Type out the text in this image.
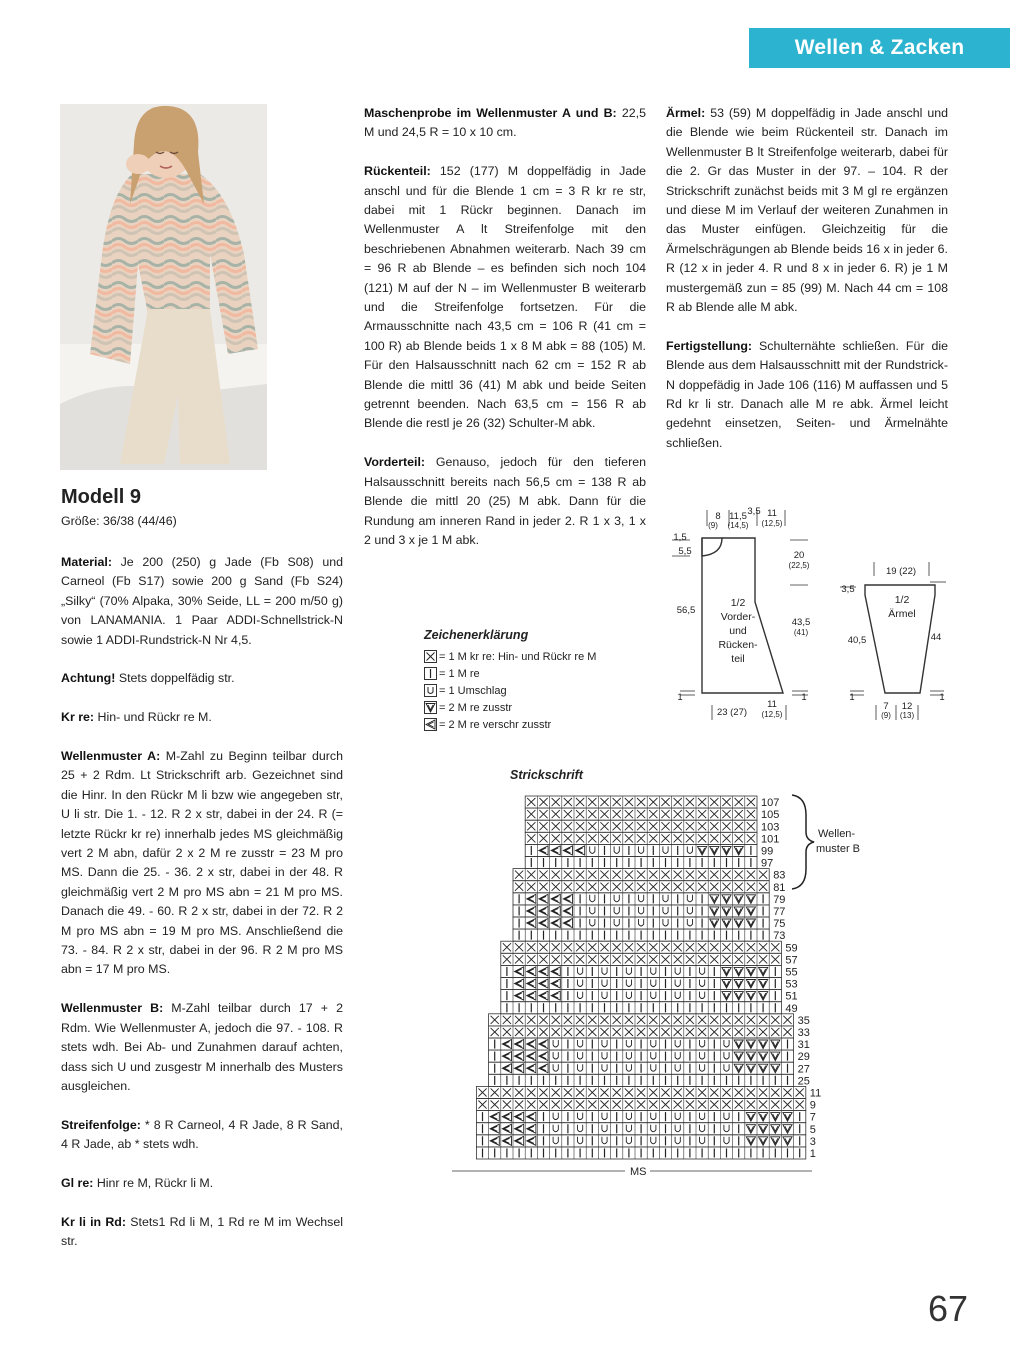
Wellen & Zacken
Modell 9
Größe: 36/38 (44/46)

Material: Je 200 (250) g Jade (Fb S08) und Carneol (Fb S17) sowie 200 g Sand (Fb S24) „Silky“ (70% Alpaka, 30% Seide, LL = 200 m/50 g) von LANAMANIA. 1 Paar ADDI-Schnellstrick-N sowie 1 ADDI-Rundstrick-N Nr 4,5.

Achtung! Stets doppelfädig str.

Kr re: Hin- und Rückr re M.

Wellenmuster A: M-Zahl zu Beginn teilbar durch 25 + 2 Rdm. Lt Strickschrift arb. Gezeichnet sind die Hinr. In den Rückr M li bzw wie angegeben str, U li str. Die 1. - 12. R 2 x str, dabei in der 24. R (= letzte Rückr kr re) innerhalb jedes MS gleichmäßig vert 2 M abn, dafür 2 x 2 M re zusstr = 23 M pro MS. Dann die 25. - 36. 2 x str, dabei in der 48. R gleichmäßig vert 2 M pro MS abn = 21 M pro MS. Danach die 49. - 60. R 2 x str, dabei in der 72. R 2 M pro MS abn = 19 M pro MS. Anschließend die 73. - 84. R 2 x str, dabei in der 96. R 2 M pro MS abn = 17 M pro MS.

Wellenmuster B: M-Zahl teilbar durch 17 + 2 Rdm. Wie Wellenmuster A, jedoch die 97. - 108. R stets wdh. Bei Ab- und Zunahmen darauf achten, dass sich U und zusgestr M innerhalb des Musters ausgleichen.

Streifenfolge: * 8 R Carneol, 4 R Jade, 8 R Sand, 4 R Jade, ab * stets wdh.

Gl re: Hinr re M, Rückr li M.

Kr li in Rd: Stets1 Rd li M, 1 Rd re M im Wechsel str.

Maschenprobe im Wellenmuster A und B: 22,5 M und 24,5 R = 10 x 10 cm.

Rückenteil: 152 (177) M doppelfädig in Jade anschl und für die Blende 1 cm = 3 R kr re str, dabei mit 1 Rückr beginnen. Danach im Wellenmuster A lt Streifenfolge mit den beschriebenen Abnahmen weiterarb. Nach 39 cm = 96 R ab Blende – es befinden sich noch 104 (121) M auf der N – im Wellenmuster B weiterarb und die Streifenfolge fortsetzen. Für die Armausschnitte nach 43,5 cm = 106 R (41 cm = 100 R) ab Blende beids 1 x 8 M abk = 88 (105) M. Für den Halsausschnitt nach 62 cm = 152 R ab Blende die mittl 36 (41) M abk und beide Seiten getrennt beenden. Nach 63,5 cm = 156 R ab Blende die restl je 26 (32) Schulter-M abk.

Vorderteil: Genauso, jedoch für den tieferen Halsausschnitt bereits nach 56,5 cm = 138 R ab Blende die mittl 20 (25) M abk. Dann für die Rundung am inneren Rand in jeder 2. R 1 x 3, 1 x 2 und 3 x je 1 M abk.

Ärmel: 53 (59) M doppelfädig in Jade anschl und die Blende wie beim Rückenteil str. Danach im Wellenmuster B lt Streifenfolge weiterarb, dabei für die 2. Gr das Muster in der 97. – 104. R der Strickschrift zunächst beids mit 3 M gl re ergänzen und diese M im Verlauf der weiteren Zunahmen in das Muster einfügen. Gleichzeitig für die Ärmelschrägungen ab Blende beids 16 x in jeder 6. R (12 x in jeder 4. R und 8 x in jeder 6. R) je 1 M mustergemäß zun = 85 (99) M. Nach 44 cm = 108 R ab Blende alle M abk.

Fertigstellung: Schulternähte schließen. Für die Blende aus dem Halsausschnitt mit der Rundstrick-N doppefädig in Jade 106 (116) M auffassen und 5 Rd kr li str. Danach alle M re abk. Ärmel leicht gedehnt einsetzen, Seiten- und Ärmelnähte schließen.

Zeichenerklärung
= 1 M kr re: Hin- und Rückr re M
= 1 M re
= 1 Umschlag
= 2 M re zusstr
= 2 M re verschr zusstr
Strickschrift
107
105
103
101
99
97
83
81
79
77
75
73
59
57
55
53
51
49
35
33
31
29
27
25
11
9
7
5
3
1
MS
Wellen-
muster B
8
(9)
11,5
(14,5)
3,5 11
(12,5)
1,5
5,5
56,5
20
(22,5)
43,5
(41)
1
23 (27)
11
(12,5)
1
1/2
Vorder-
und
Rücken-
teil
19 (22)
3,5
40,5	44
1
7
(9)
12
(13)
1
1/2
Ärmel
67
